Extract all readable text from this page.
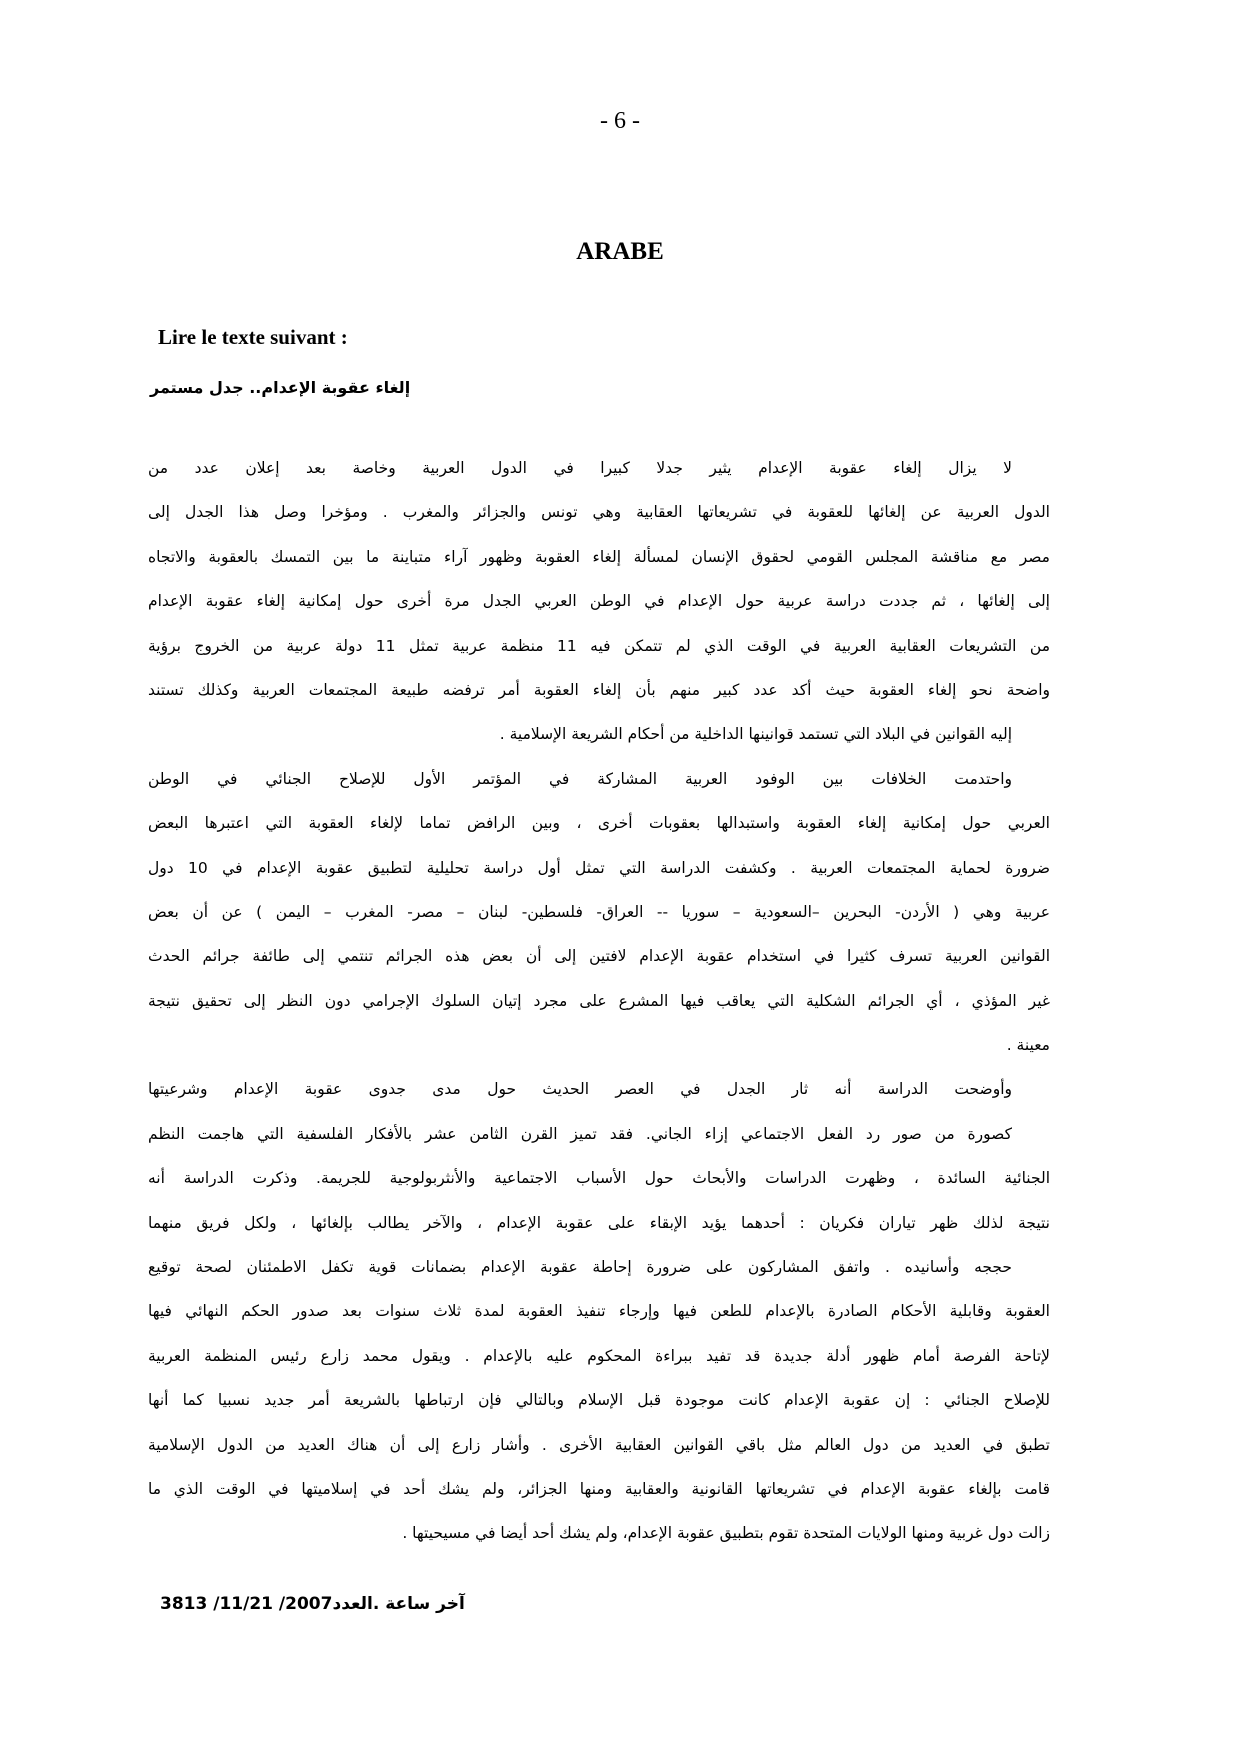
- 6 -
ARABE
Lire le texte suivant :
إلغاء عقوبة الإعدام.. جدل مستمر
لا يزال إلغاء عقوبة الإعدام يثير جدلا كبيرا في الدول العربية وخاصة بعد إعلان عدد من
الدول العربية عن إلغائها للعقوبة في تشريعاتها العقابية وهي تونس والجزائر والمغرب . ومؤخرا وصل هذا الجدل إلى
مصر مع مناقشة المجلس القومي لحقوق الإنسان لمسألة إلغاء العقوبة وظهور آراء متباينة ما بين التمسك بالعقوبة والاتجاه
إلى إلغائها ، ثم جددت دراسة عربية حول الإعدام في الوطن العربي الجدل مرة أخرى حول إمكانية إلغاء عقوبة الإعدام
من التشريعات العقابية العربية في الوقت الذي لم تتمكن فيه 11 منظمة عربية تمثل 11 دولة عربية من الخروج برؤية
واضحة نحو إلغاء العقوبة حيث أكد عدد كبير منهم بأن إلغاء العقوبة أمر ترفضه طبيعة المجتمعات العربية وكذلك تستند
إليه القوانين في البلاد التي تستمد قوانينها الداخلية من أحكام الشريعة الإسلامية .
واحتدمت الخلافات بين الوفود العربية المشاركة في المؤتمر الأول للإصلاح الجنائي في الوطن
العربي حول إمكانية إلغاء العقوبة واستبدالها بعقوبات أخرى ، وبين الرافض تماما لإلغاء العقوبة التي اعتبرها البعض
ضرورة لحماية المجتمعات العربية . وكشفت الدراسة التي تمثل أول دراسة تحليلية لتطبيق عقوبة الإعدام في 10 دول
عربية وهي ( الأردن- البحرين –السعودية – سوريا -- العراق- فلسطين- لبنان – مصر- المغرب – اليمن ) عن أن بعض
القوانين العربية تسرف كثيرا في استخدام عقوبة الإعدام لافتين إلى أن بعض هذه الجرائم تنتمي إلى طائفة جرائم الحدث
غير المؤذي ، أي الجرائم الشكلية التي يعاقب فيها المشرع على مجرد إتيان السلوك الإجرامي دون النظر إلى تحقيق نتيجة
معينة .
وأوضحت الدراسة أنه ثار الجدل في العصر الحديث حول مدى جدوى عقوبة الإعدام وشرعيتها
كصورة من صور رد الفعل الاجتماعي إزاء الجاني. فقد تميز القرن الثامن عشر بالأفكار الفلسفية التي هاجمت النظم
الجنائية السائدة ، وظهرت الدراسات والأبحاث حول الأسباب الاجتماعية والأنثربولوجية للجريمة. وذكرت الدراسة أنه
نتيجة لذلك ظهر تياران فكريان : أحدهما يؤيد الإبقاء على عقوبة الإعدام ، والآخر يطالب بإلغائها ، ولكل فريق منهما
حججه وأسانيده . واتفق المشاركون على ضرورة إحاطة عقوبة الإعدام بضمانات قوية تكفل الاطمئنان لصحة توقيع
العقوبة وقابلية الأحكام الصادرة بالإعدام للطعن فيها وإرجاء تنفيذ العقوبة لمدة ثلاث سنوات بعد صدور الحكم النهائي فيها
لإتاحة الفرصة أمام ظهور أدلة جديدة قد تفيد ببراءة المحكوم عليه بالإعدام . ويقول محمد زارع رئيس المنظمة العربية
للإصلاح الجنائي : إن عقوبة الإعدام كانت موجودة قبل الإسلام وبالتالي فإن ارتباطها بالشريعة أمر جديد نسبيا كما أنها
تطبق في العديد من دول العالم مثل باقي القوانين العقابية الأخرى . وأشار زارع إلى أن هناك العديد من الدول الإسلامية
قامت بإلغاء عقوبة الإعدام في تشريعاتها القانونية والعقابية ومنها الجزائر، ولم يشك أحد في إسلاميتها في الوقت الذي ما
زالت دول غربية ومنها الولايات المتحدة تقوم بتطبيق عقوبة الإعدام، ولم يشك أحد أيضا في مسيحيتها .
آخر ساعة .العدد2007/ 11/21/ 3813
